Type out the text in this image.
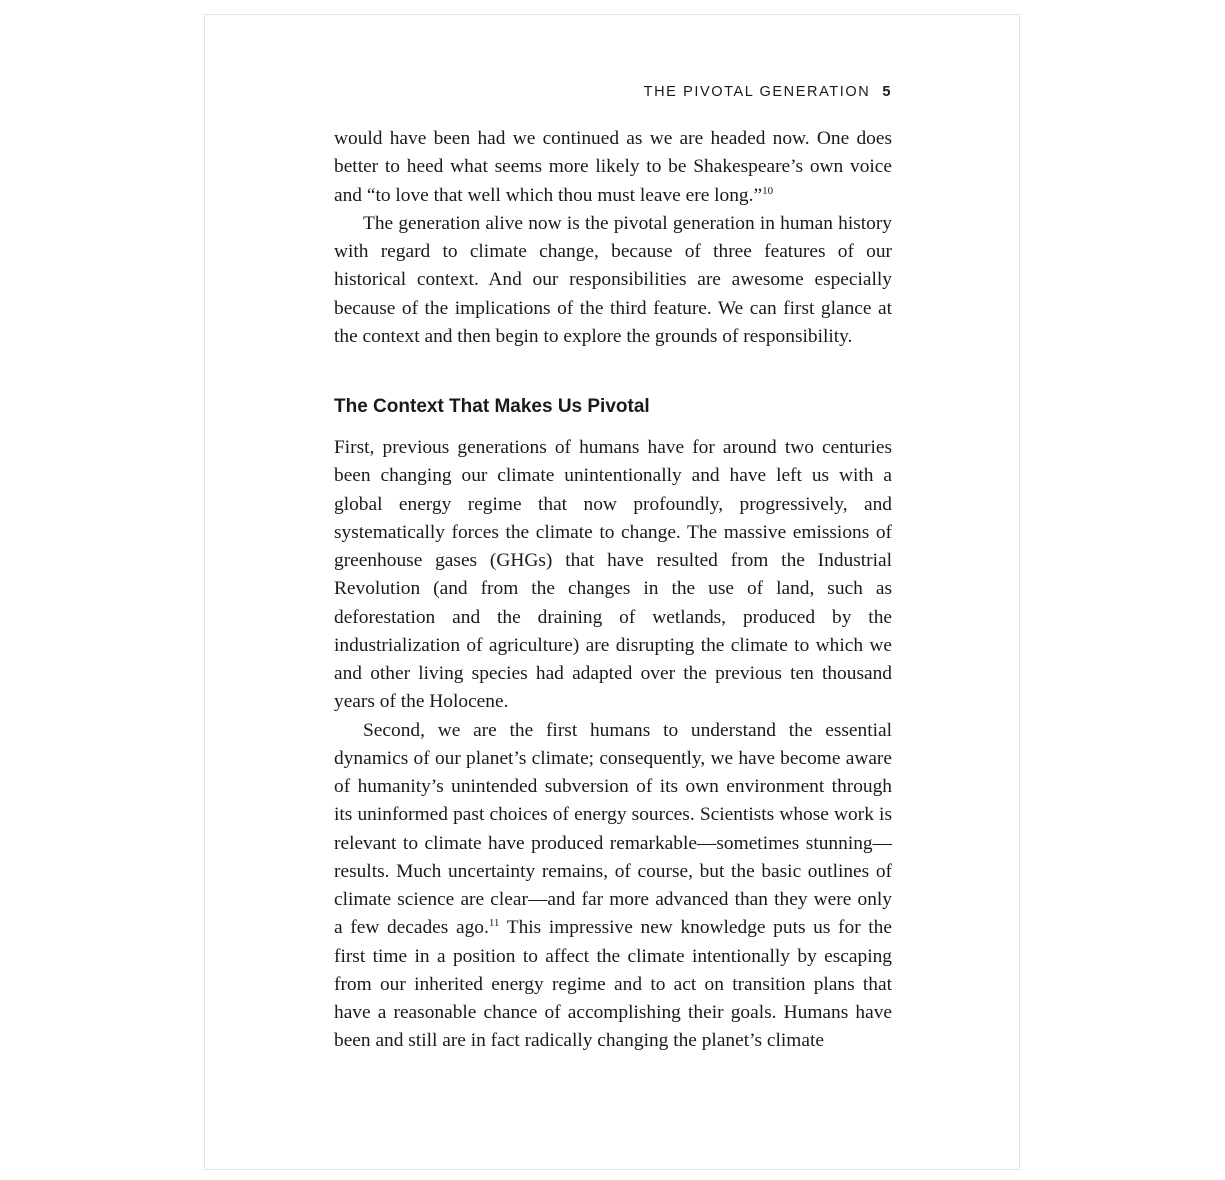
THE PIVOTAL GENERATION 5

would have been had we continued as we are headed now. One does better to heed what seems more likely to be Shakespeare’s own voice and “to love that well which thou must leave ere long.”$^{10}$

The generation alive now is the pivotal generation in human history with regard to climate change, because of three features of our historical context. And our responsibilities are awesome especially because of the implications of the third feature. We can first glance at the context and then begin to explore the grounds of responsibility.

The Context That Makes Us Pivotal

First, previous generations of humans have for around two centuries been changing our climate unintentionally and have left us with a global energy regime that now profoundly, progressively, and systematically forces the climate to change. The massive emissions of greenhouse gases (GHGs) that have resulted from the Industrial Revolution (and from the changes in the use of land, such as deforestation and the draining of wetlands, produced by the industrialization of agriculture) are disrupting the climate to which we and other living species had adapted over the previous ten thousand years of the Holocene.

Second, we are the first humans to understand the essential dynamics of our planet’s climate; consequently, we have become aware of humanity’s unintended subversion of its own environment through its uninformed past choices of energy sources. Scientists whose work is relevant to climate have produced remarkable—sometimes stunning—results. Much uncertainty remains, of course, but the basic outlines of climate science are clear—and far more advanced than they were only a few decades ago.$^{11}$ This impressive new knowledge puts us for the first time in a position to affect the climate intentionally by escaping from our inherited energy regime and to act on transition plans that have a reasonable chance of accomplishing their goals. Humans have been and still are in fact radically changing the planet’s climate
